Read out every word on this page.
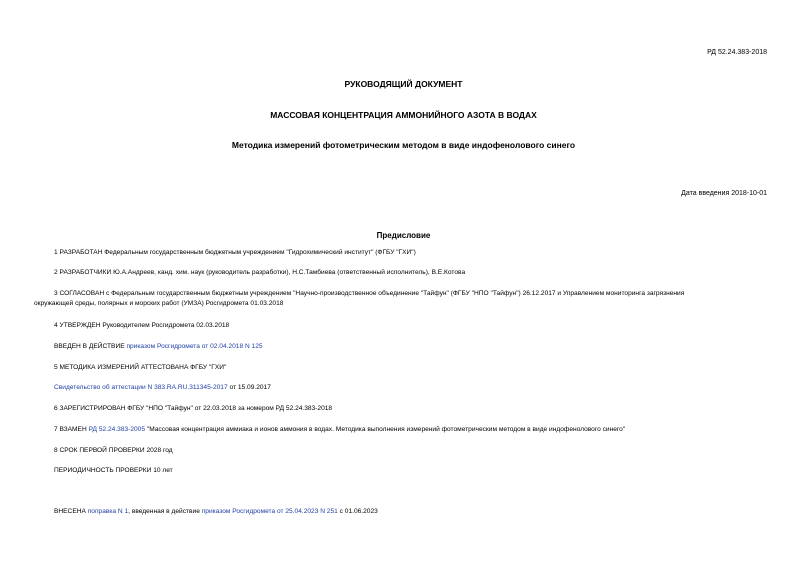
РД 52.24.383-2018
РУКОВОДЯЩИЙ ДОКУМЕНТ
МАССОВАЯ КОНЦЕНТРАЦИЯ АММОНИЙНОГО АЗОТА В ВОДАХ
Методика измерений фотометрическим методом в виде индофенолового синего
Дата введения 2018-10-01
Предисловие
1 РАЗРАБОТАН Федеральным государственным бюджетным учреждением "Гидрохимический институт" (ФГБУ "ГХИ")
2 РАЗРАБОТЧИКИ Ю.А.Андреев, канд. хим. наук (руководитель разработки), Н.С.Тамбиева (ответственный исполнитель), В.Е.Котова
3 СОГЛАСОВАН с Федеральным государственным бюджетным учреждением "Научно-производственное объединение "Тайфун" (ФГБУ "НПО "Тайфун") 26.12.2017 и Управлением мониторинга загрязнения
окружающей среды, полярных и морских работ (УМЗА) Росгидромета 01.03.2018
4 УТВЕРЖДЕН Руководителем Росгидромета 02.03.2018
ВВЕДЕН В ДЕЙСТВИЕ приказом Росгидромета от 02.04.2018 N 125
5 МЕТОДИКА ИЗМЕРЕНИЙ АТТЕСТОВАНА ФГБУ "ГХИ"
Свидетельство об аттестации N 383.RA.RU.311345-2017 от 15.09.2017
6 ЗАРЕГИСТРИРОВАН ФГБУ "НПО "Тайфун" от 22.03.2018 за номером РД 52.24.383-2018
7 ВЗАМЕН РД 52.24.383-2005 "Массовая концентрация аммиака и ионов аммония в водах. Методика выполнения измерений фотометрическим методом в виде индофенолового синего"
8 СРОК ПЕРВОЙ ПРОВЕРКИ 2028 год
ПЕРИОДИЧНОСТЬ ПРОВЕРКИ 10 лет
ВНЕСЕНА поправка N 1, введенная в действие приказом Росгидромета от 25.04.2023 N 251 с 01.06.2023
